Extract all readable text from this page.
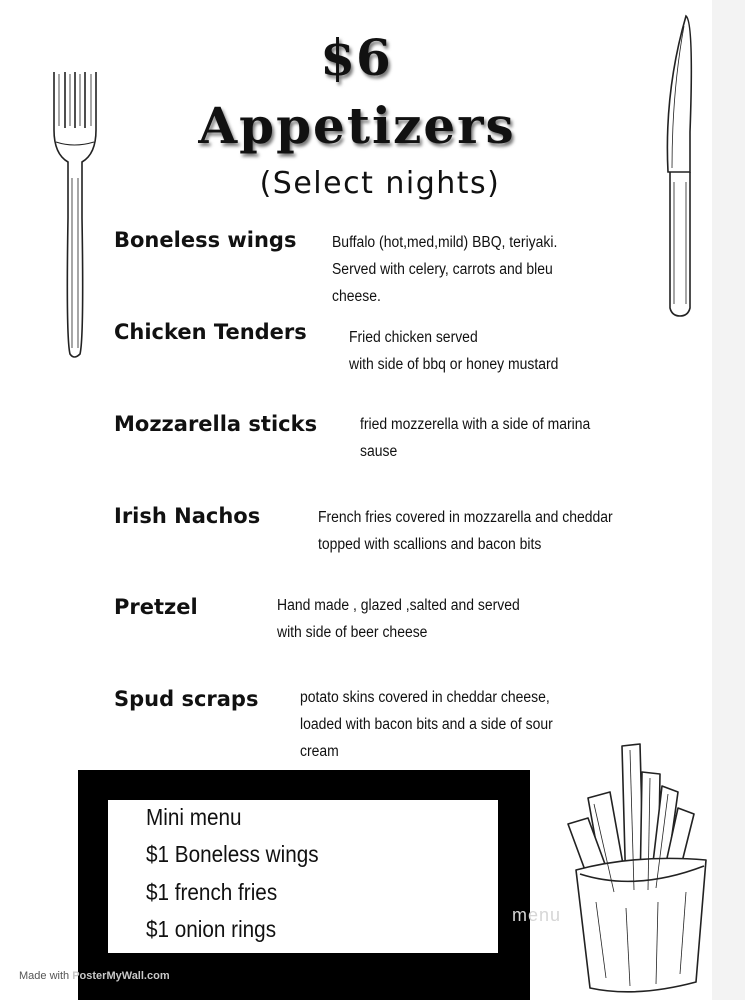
$6
Appetizers
(Select nights)
Boneless wings Buffalo (hot,med,mild) BBQ, teriyaki.
Served with celery, carrots and bleu
cheese.
Chicken Tenders	Fried chicken served
with side of bbq or honey mustard
Mozzarella sticks	fried mozzerella with a side of marina
sause
Irish Nachos	French fries covered in mozzarella and cheddar
topped with scallions and bacon bits
Pretzel	Hand made , glazed ,salted and served
with side of beer cheese
Spud scraps	potato skins covered in cheddar cheese,
loaded with bacon bits and a side of sour
cream
Mini menu
$1 Boneless wings
$1 french fries
$1 onion rings
Made with PosterMyWall.com
menu
